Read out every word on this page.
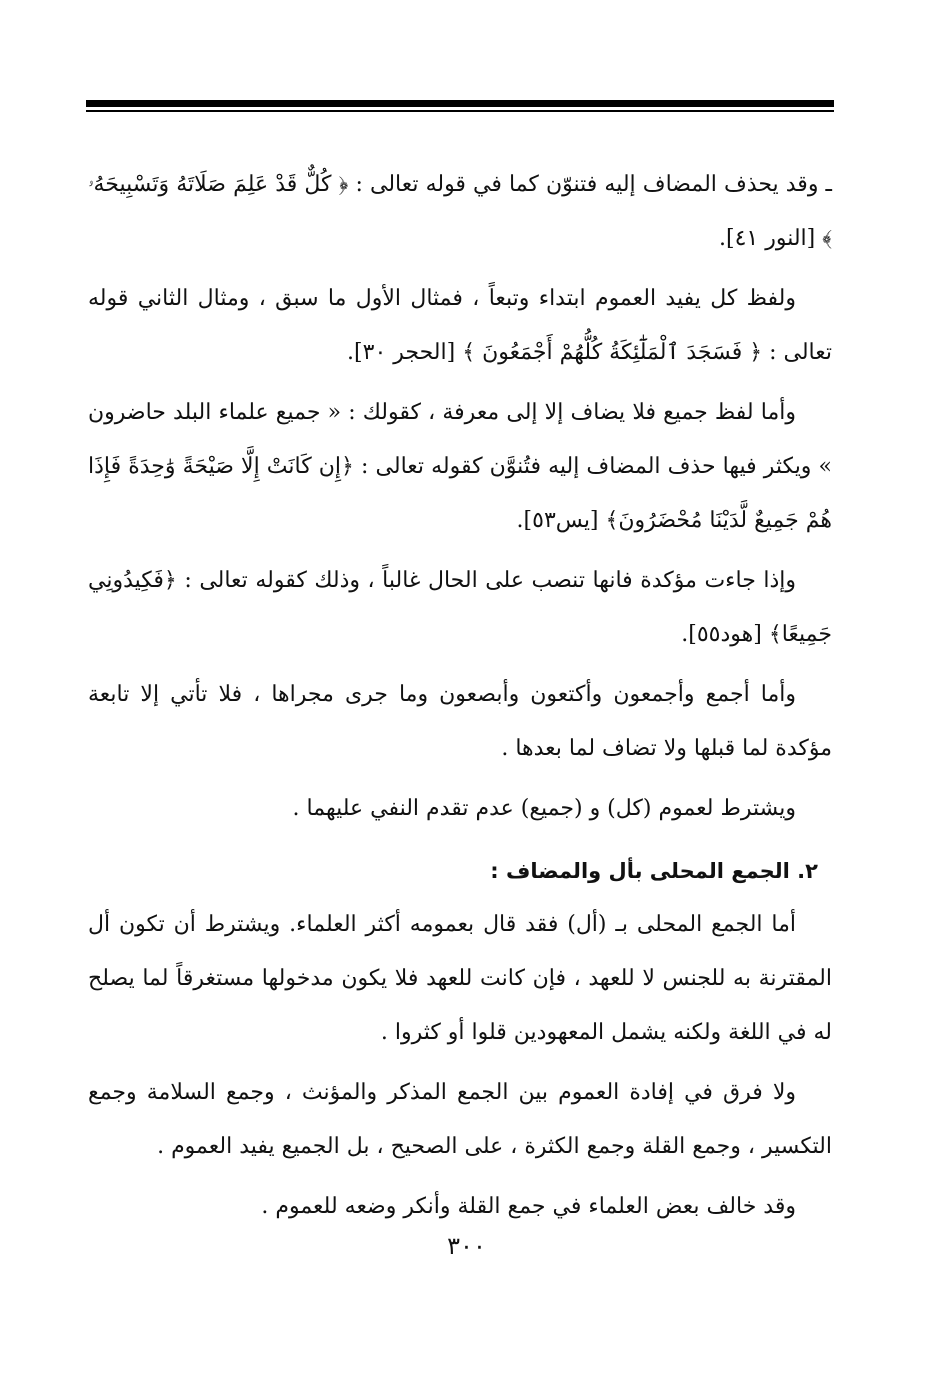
ـ وقد يحذف المضاف إليه فتنوّن كما في قوله تعالى : ﴿ كُلٌّ قَدْ عَلِمَ صَلَاتَهُ وَتَسْبِيحَهُۥ ﴾ [النور ٤١].

ولفظ كل يفيد العموم ابتداء وتبعاً ، فمثال الأول ما سبق ، ومثال الثاني قوله تعالى : ﴿ فَسَجَدَ ٱلْمَلَٰٓئِكَةُ كُلُّهُمْ أَجْمَعُونَ ﴾ [الحجر ٣٠].

وأما لفظ جميع فلا يضاف إلا إلى معرفة ، كقولك : « جميع علماء البلد حاضرون » ويكثر فيها حذف المضاف إليه فتُنوَّن كقوله تعالى : ﴿إِن كَانَتْ إِلَّا صَيْحَةً وَٰحِدَةً فَإِذَا هُمْ جَمِيعٌ لَّدَيْنَا مُحْضَرُونَ﴾ [يس٥٣].

وإذا جاءت مؤكدة فانها تنصب على الحال غالباً ، وذلك كقوله تعالى : ﴿فَكِيدُونِي جَمِيعًا﴾ [هود٥٥].

وأما أجمع وأجمعون وأكتعون وأبصعون وما جرى مجراها ، فلا تأتي إلا تابعة مؤكدة لما قبلها ولا تضاف لما بعدها .

ويشترط لعموم (كل) و (جميع) عدم تقدم النفي عليهما .

٢. الجمع المحلى بأل والمضاف :

أما الجمع المحلى بـ (أل) فقد قال بعمومه أكثر العلماء. ويشترط أن تكون أل المقترنة به للجنس لا للعهد ، فإن كانت للعهد فلا يكون مدخولها مستغرقاً لما يصلح له في اللغة ولكنه يشمل المعهودين قلوا أو كثروا .

ولا فرق في إفادة العموم بين الجمع المذكر والمؤنث ، وجمع السلامة وجمع التكسير ، وجمع القلة وجمع الكثرة ، على الصحيح ، بل الجميع يفيد العموم .

وقد خالف بعض العلماء في جمع القلة وأنكر وضعه للعموم .

٣٠٠
